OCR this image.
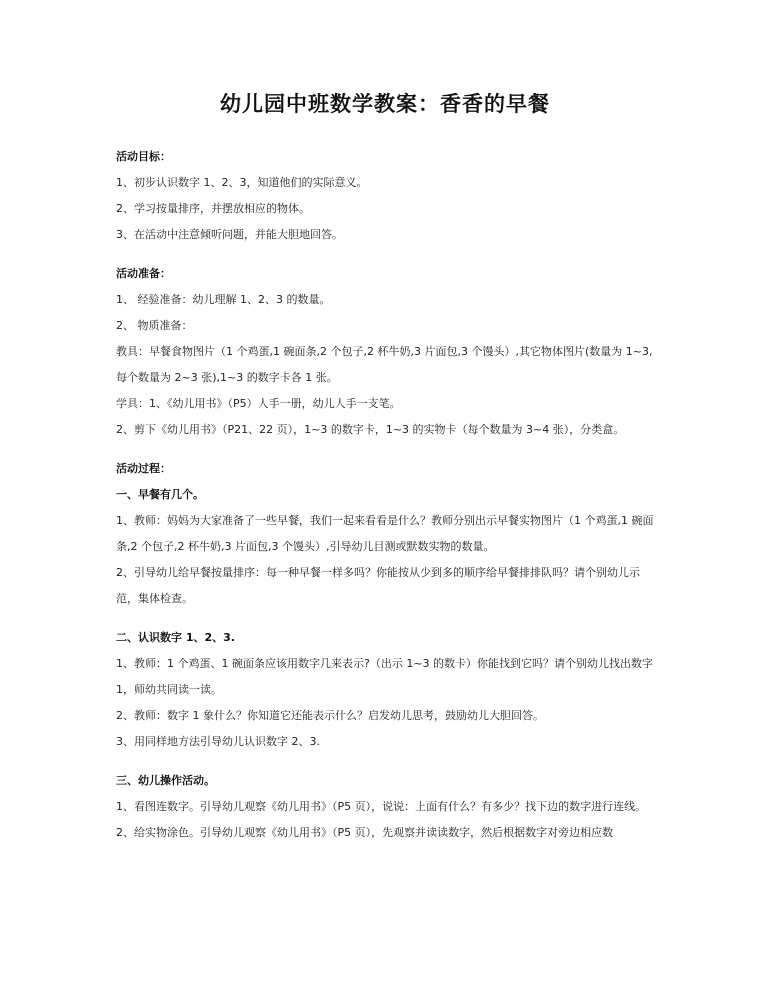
幼儿园中班数学教案：香香的早餐
活动目标：
1、初步认识数字 1、2、3，知道他们的实际意义。
2、学习按量排序，并摆放相应的物体。
3、在活动中注意倾听问题，并能大胆地回答。
活动准备：
1、 经验准备：幼儿理解 1、2、3 的数量。
2、 物质准备：
教具：早餐食物图片（1 个鸡蛋,1 碗面条,2 个包子,2 杯牛奶,3 片面包,3 个馒头）,其它物体图片(数量为 1~3,每个数量为 2~3 张),1~3 的数字卡各 1 张。
学具：1、《幼儿用书》（P5）人手一册，幼儿人手一支笔。
2、剪下《幼儿用书》（P21、22 页），1~3 的数字卡，1~3 的实物卡（每个数量为 3~4 张），分类盒。
活动过程：
一、早餐有几个。
1、教师：妈妈为大家准备了一些早餐，我们一起来看看是什么？教师分别出示早餐实物图片（1 个鸡蛋,1 碗面条,2 个包子,2 杯牛奶,3 片面包,3 个馒头）,引导幼儿目测或默数实物的数量。
2、引导幼儿给早餐按量排序：每一种早餐一样多吗？你能按从少到多的顺序给早餐排排队吗？请个别幼儿示范，集体检查。
二、认识数字 1、2、3.
1、教师：1 个鸡蛋、1 碗面条应该用数字几来表示?（出示 1~3 的数卡）你能找到它吗？请个别幼儿找出数字 1，师幼共同读一读。
2、教师：数字 1 象什么？你知道它还能表示什么？启发幼儿思考，鼓励幼儿大胆回答。
3、用同样地方法引导幼儿认识数字 2、3.
三、幼儿操作活动。
1、看图连数字。引导幼儿观察《幼儿用书》（P5 页），说说：上面有什么？有多少？找下边的数字进行连线。
2、给实物涂色。引导幼儿观察《幼儿用书》（P5 页），先观察并读读数字，然后根据数字对旁边相应数
